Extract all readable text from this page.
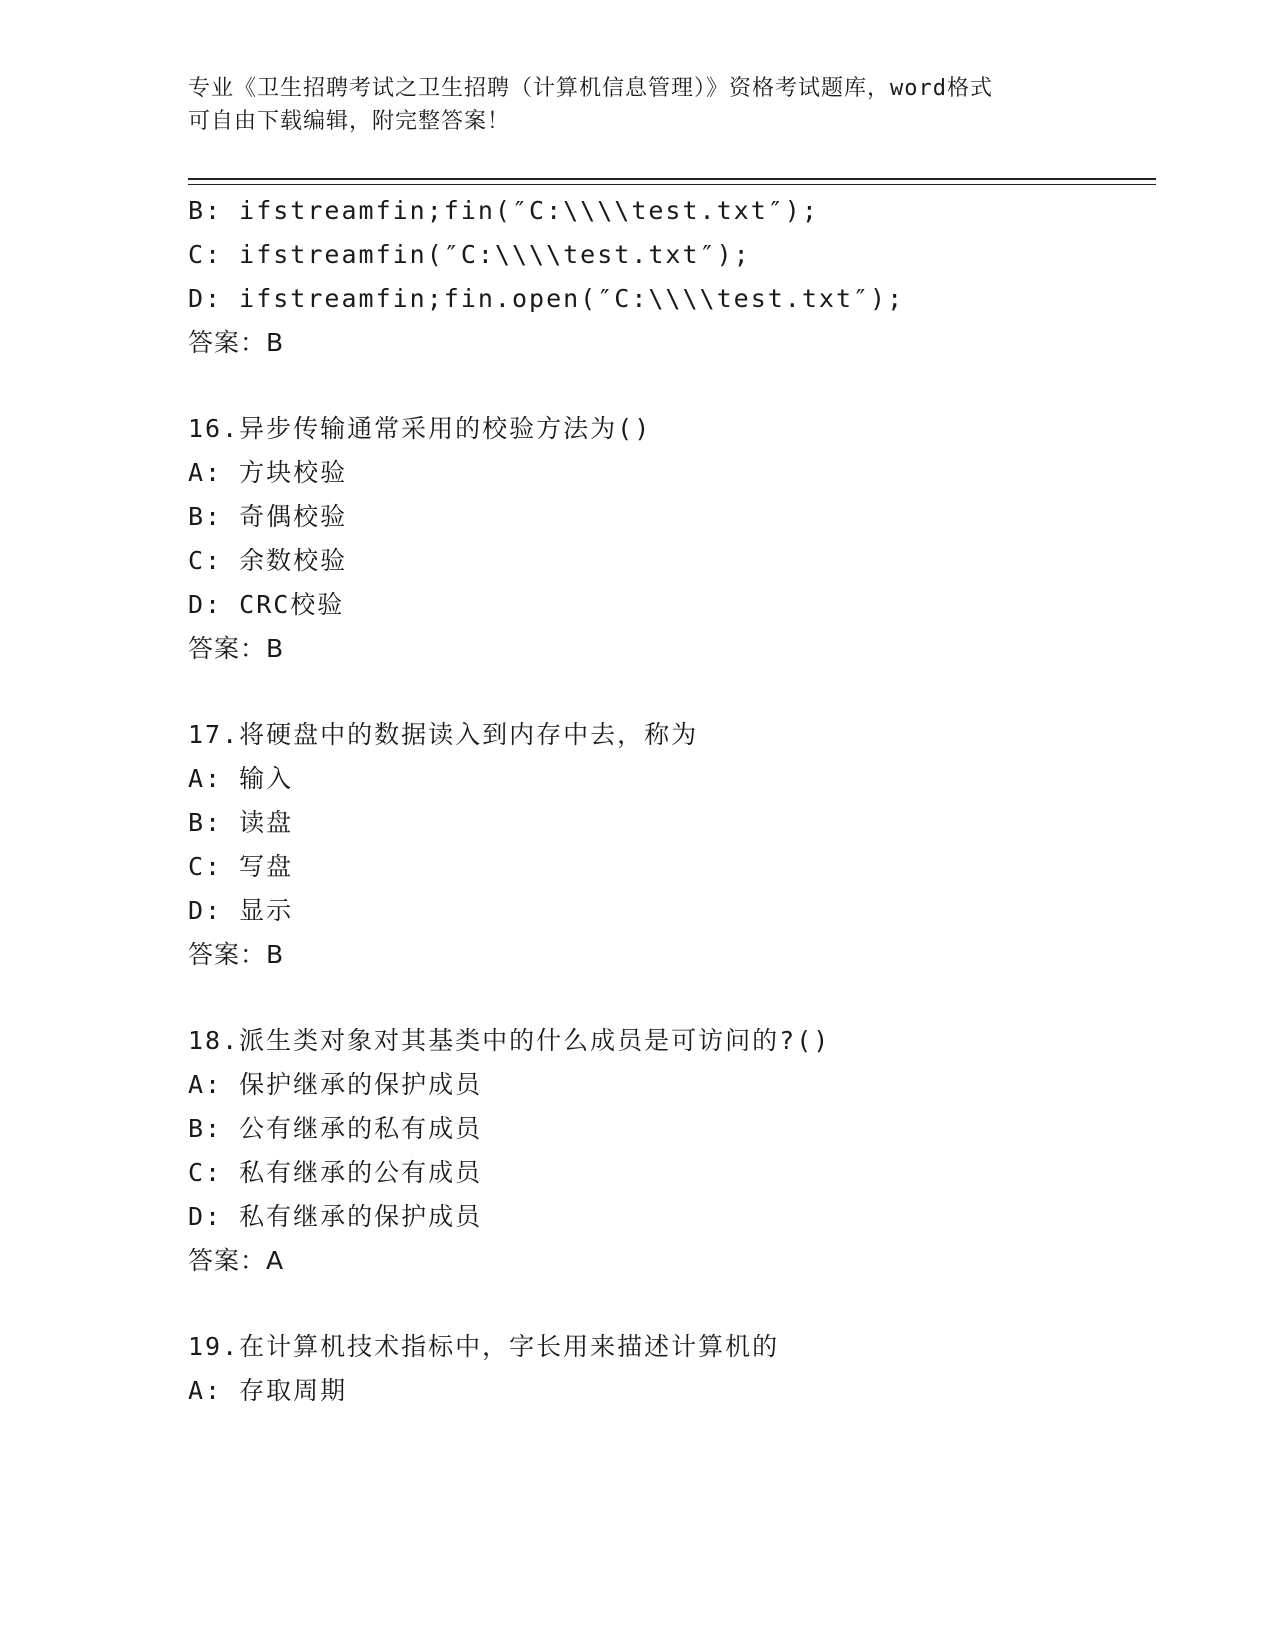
专业《卫生招聘考试之卫生招聘（计算机信息管理）》资格考试题库，word格式
可自由下载编辑，附完整答案！
B: ifstreamfin;fin(″C:\\\\test.txt″);
C: ifstreamfin(″C:\\\\test.txt″);
D: ifstreamfin;fin.open(″C:\\\\test.txt″);
答案：B
16.异步传输通常采用的校验方法为()
A: 方块校验
B: 奇偶校验
C: 余数校验
D: CRC校验
答案：B
17.将硬盘中的数据读入到内存中去，称为
A: 输入
B: 读盘
C: 写盘
D: 显示
答案：B
18.派生类对象对其基类中的什么成员是可访问的?()
A: 保护继承的保护成员
B: 公有继承的私有成员
C: 私有继承的公有成员
D: 私有继承的保护成员
答案：A
19.在计算机技术指标中，字长用来描述计算机的
A: 存取周期
